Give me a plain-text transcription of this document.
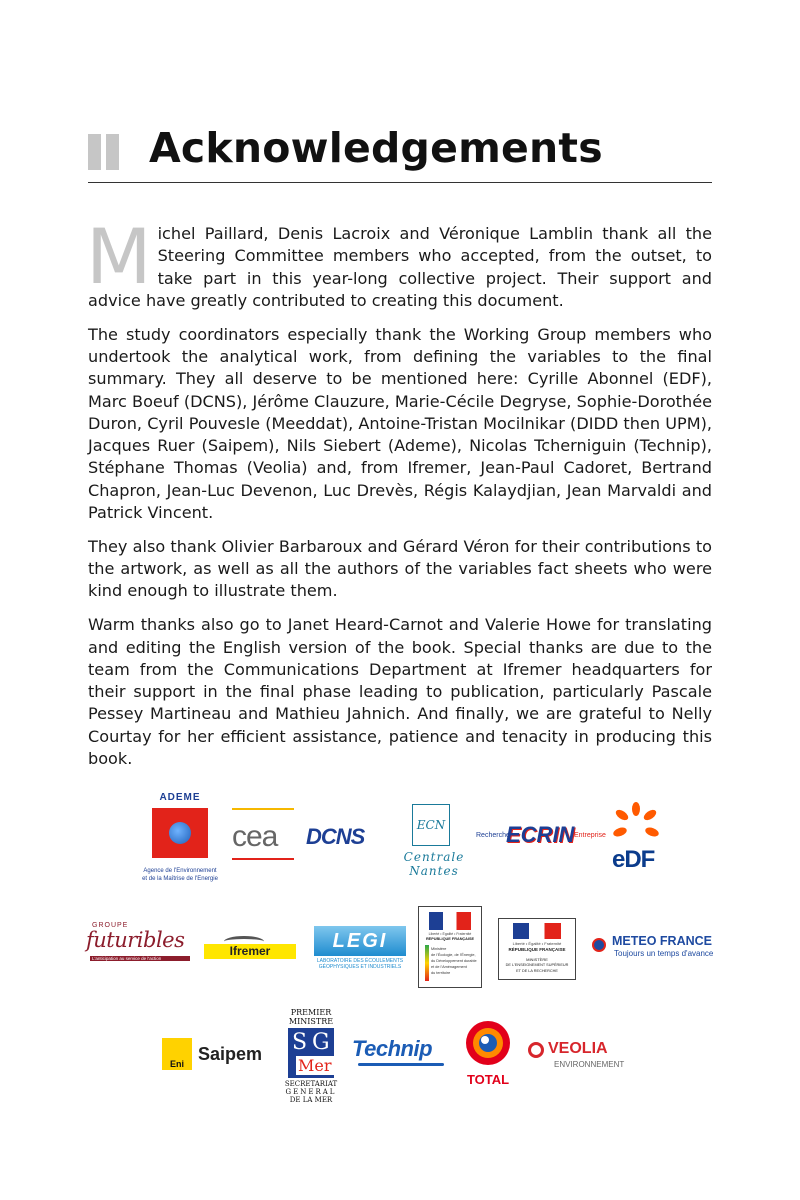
Acknowledgements

Michel Paillard, Denis Lacroix and Véronique Lamblin thank all the Steering Committee members who accepted, from the outset, to take part in this year-long collective project. Their support and advice have greatly contributed to creating this document.

The study coordinators especially thank the Working Group members who undertook the analytical work, from defining the variables to the final summary. They all deserve to be mentioned here: Cyrille Abonnel (EDF), Marc Boeuf (DCNS), Jérôme Clauzure, Marie-Cécile Degryse, Sophie-Dorothée Duron, Cyril Pouvesle (Meeddat), Antoine-Tristan Mocilnikar (DIDD then UPM), Jacques Ruer (Saipem), Nils Siebert (Ademe), Nicolas Tcherniguin (Technip), Stéphane Thomas (Veolia) and, from Ifremer, Jean-Paul Cadoret, Bertrand Chapron, Jean-Luc Devenon, Luc Drevès, Régis Kalaydjian, Jean Marvaldi and Patrick Vincent.

They also thank Olivier Barbaroux and Gérard Véron for their contributions to the artwork, as well as all the authors of the variables fact sheets who were kind enough to illustrate them.

Warm thanks also go to Janet Heard-Carnot and Valerie Howe for translating and editing the English version of the book. Special thanks are due to the team from the Communications Department at Ifremer headquarters for their support in the final phase leading to publication, particularly Pascale Pessey Martineau and Mathieu Jahnich. And finally, we are grateful to Nelly Courtay for her efficient assistance, patience and tenacity in producing this book.

ADEME
Agence de l'Environnement
et de la Maîtrise de l'Energie
cea DCNS	ECN
Centrale
Nantes
Recherche
ECRIN Entreprise
eDF
GROUPE
futuribles
L'anticipation au service de l'action
Ifremer	LEGI
LABORATOIRE DES ÉCOULEMENTS
GÉOPHYSIQUES ET INDUSTRIELS
Liberté • Égalité • Fraternité
RÉPUBLIQUE FRANÇAISE
Ministère
de l'Écologie, de l'Énergie,
du Développement durable
et de l'Aménagement
du territoire
Liberté • Égalité • Fraternité
RÉPUBLIQUE FRANÇAISE
MINISTÈRE
DE L'ENSEIGNEMENT SUPÉRIEUR
ET DE LA RECHERCHE
METEO FRANCE
Toujours un temps d'avance
Eni Saipem
PREMIER
MINISTRE
S G
Mer
SECRETARIAT
GENERAL
DE LA MER
Technip
TOTAL
VEOLIA
ENVIRONNEMENT
